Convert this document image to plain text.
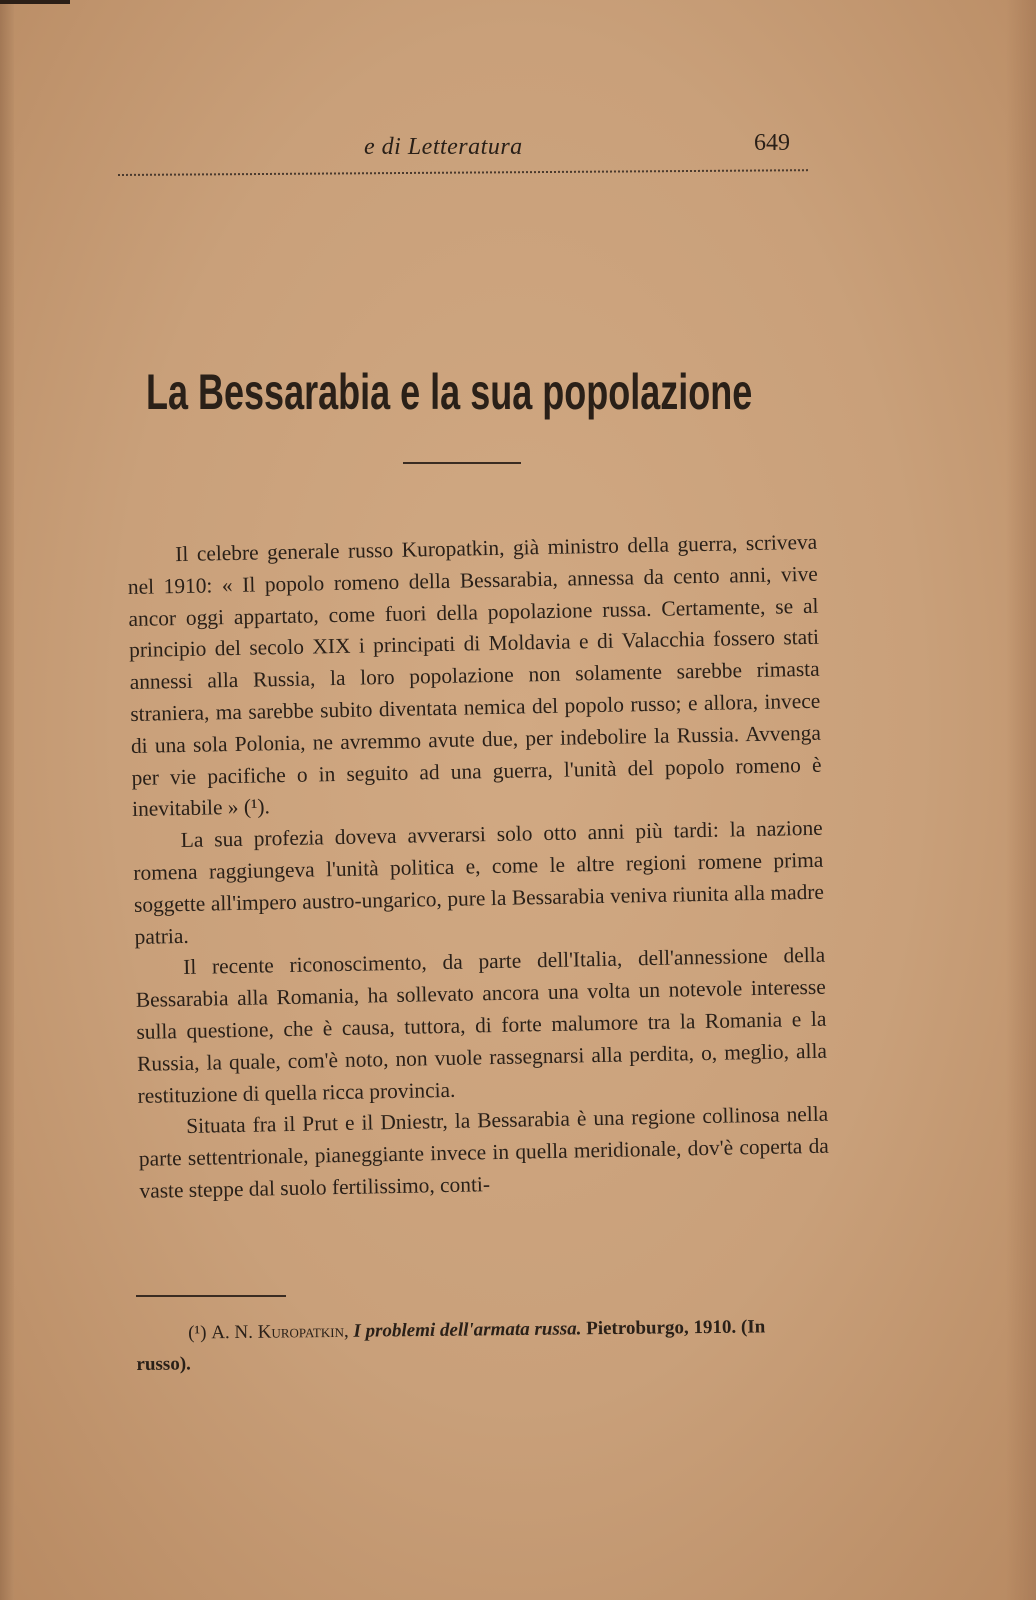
e di Letteratura	649
La Bessarabia e la sua popolazione

Il celebre generale russo Kuropatkin, già ministro della guerra, scriveva nel 1910: « Il popolo romeno della Bessarabia, annessa da cento anni, vive ancor oggi appartato, come fuori della popolazione russa. Certamente, se al principio del secolo XIX i principati di Moldavia e di Valacchia fossero stati annessi alla Russia, la loro popolazione non solamente sarebbe rimasta straniera, ma sarebbe subito diventata nemica del popolo russo; e allora, invece di una sola Polonia, ne avremmo avute due, per indebolire la Russia. Avvenga per vie pacifiche o in seguito ad una guerra, l'unità del popolo romeno è inevitabile » (¹).

La sua profezia doveva avverarsi solo otto anni più tardi: la nazione romena raggiungeva l'unità politica e, come le altre regioni romene prima soggette all'impero austro-ungarico, pure la Bessarabia veniva riunita alla madre patria.

Il recente riconoscimento, da parte dell'Italia, dell'annessione della Bessarabia alla Romania, ha sollevato ancora una volta un notevole interesse sulla questione, che è causa, tuttora, di forte malumore tra la Romania e la Russia, la quale, com'è noto, non vuole rassegnarsi alla perdita, o, meglio, alla restituzione di quella ricca provincia.

Situata fra il Prut e il Dniestr, la Bessarabia è una regione collinosa nella parte settentrionale, pianeggiante invece in quella meridionale, dov'è coperta da vaste steppe dal suolo fertilissimo, conti-

(¹) A. N. Kuropatkin, I problemi dell'armata russa. Pietroburgo, 1910. (In russo).
